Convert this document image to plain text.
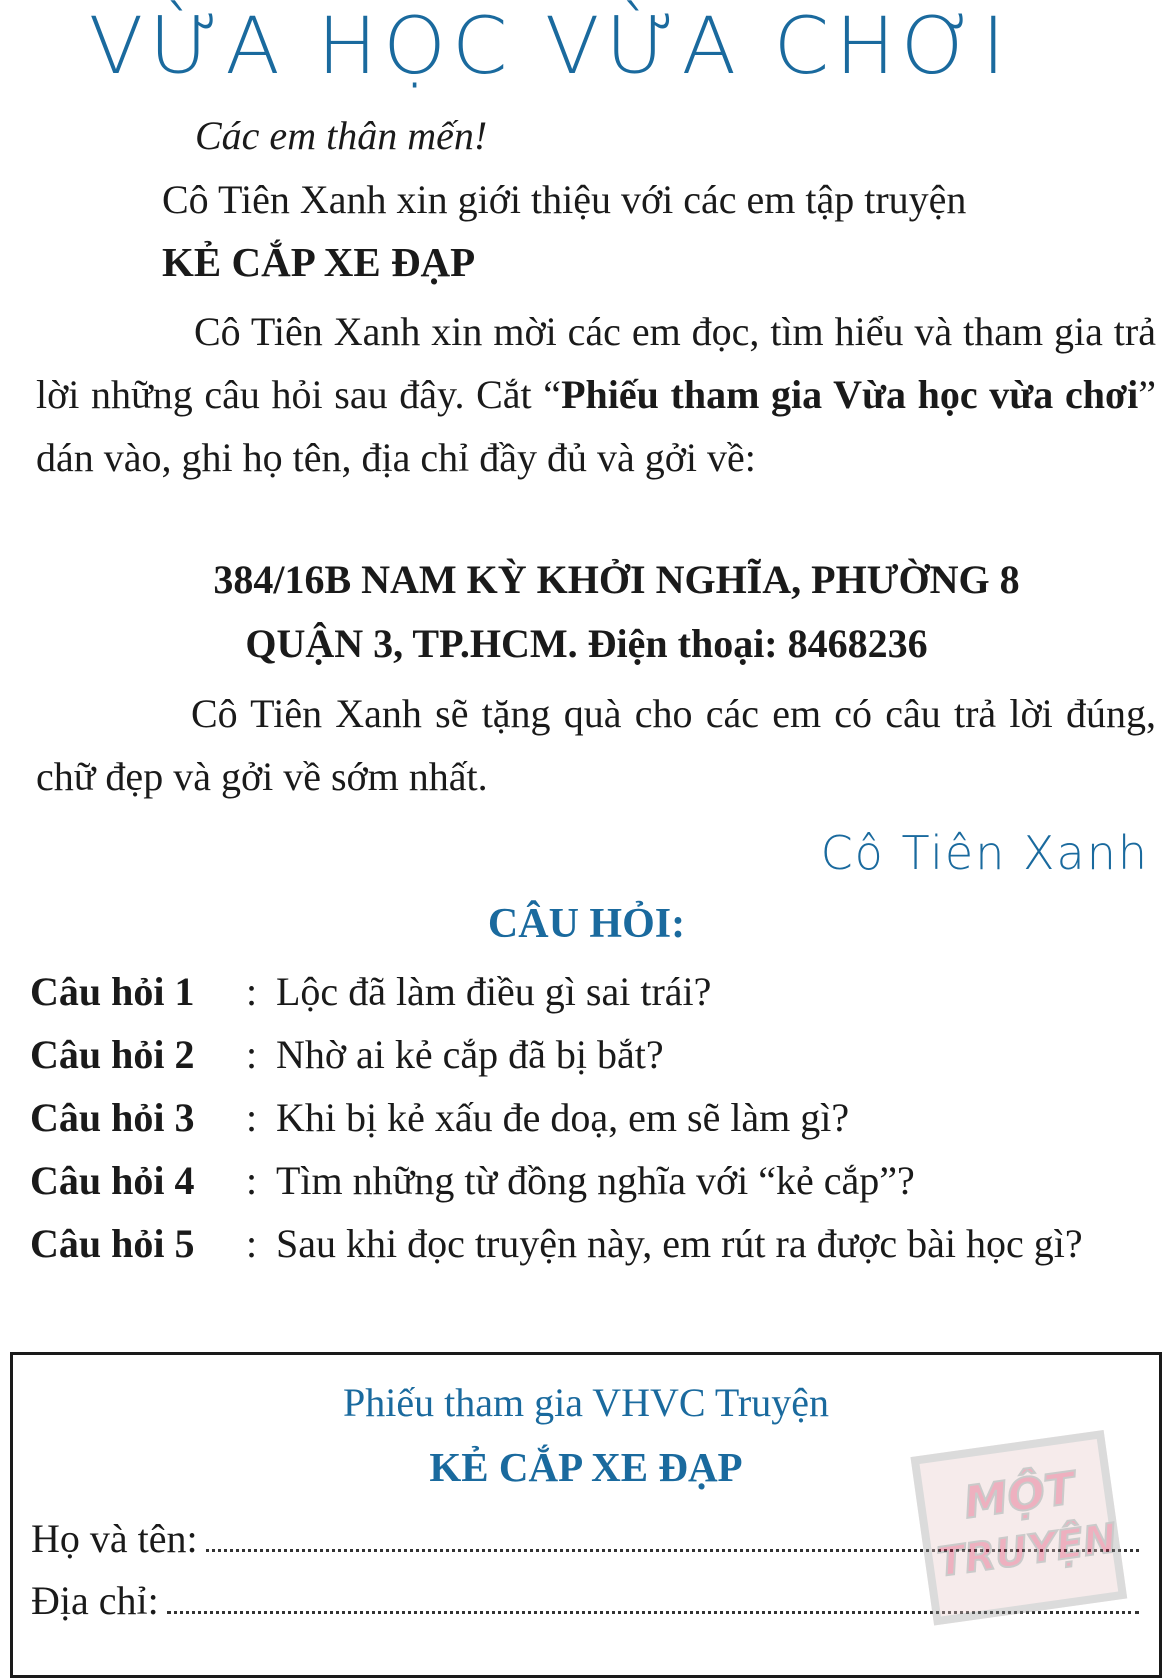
VỪA HỌC VỪA CHƠI

Các em thân mến!

Cô Tiên Xanh xin giới thiệu với các em tập truyện

KẺ CẮP XE ĐẠP

Cô Tiên Xanh xin mời các em đọc, tìm hiểu và tham gia trả lời những câu hỏi sau đây. Cắt “Phiếu tham gia Vừa học vừa chơi” dán vào, ghi họ tên, địa chỉ đầy đủ và gởi về:

384/16B NAM KỲ KHỞI NGHĨA, PHƯỜNG 8
QUẬN 3, TP.HCM. Điện thoại: 8468236

Cô Tiên Xanh sẽ tặng quà cho các em có câu trả lời đúng, chữ đẹp và gởi về sớm nhất.

Cô Tiên Xanh
CÂU HỎI:
Câu hỏi 1	: Lộc đã làm điều gì sai trái?
Câu hỏi 2	: Nhờ ai kẻ cắp đã bị bắt?
Câu hỏi 3	: Khi bị kẻ xấu đe doạ, em sẽ làm gì?
Câu hỏi 4	: Tìm những từ đồng nghĩa với “kẻ cắp”?
Câu hỏi 5	: Sau khi đọc truyện này, em rút ra được bài học gì?
Phiếu tham gia VHVC Truyện
KẺ CẮP XE ĐẠP
Họ và tên:
Địa chỉ:
MỘT
TRUYỆN
